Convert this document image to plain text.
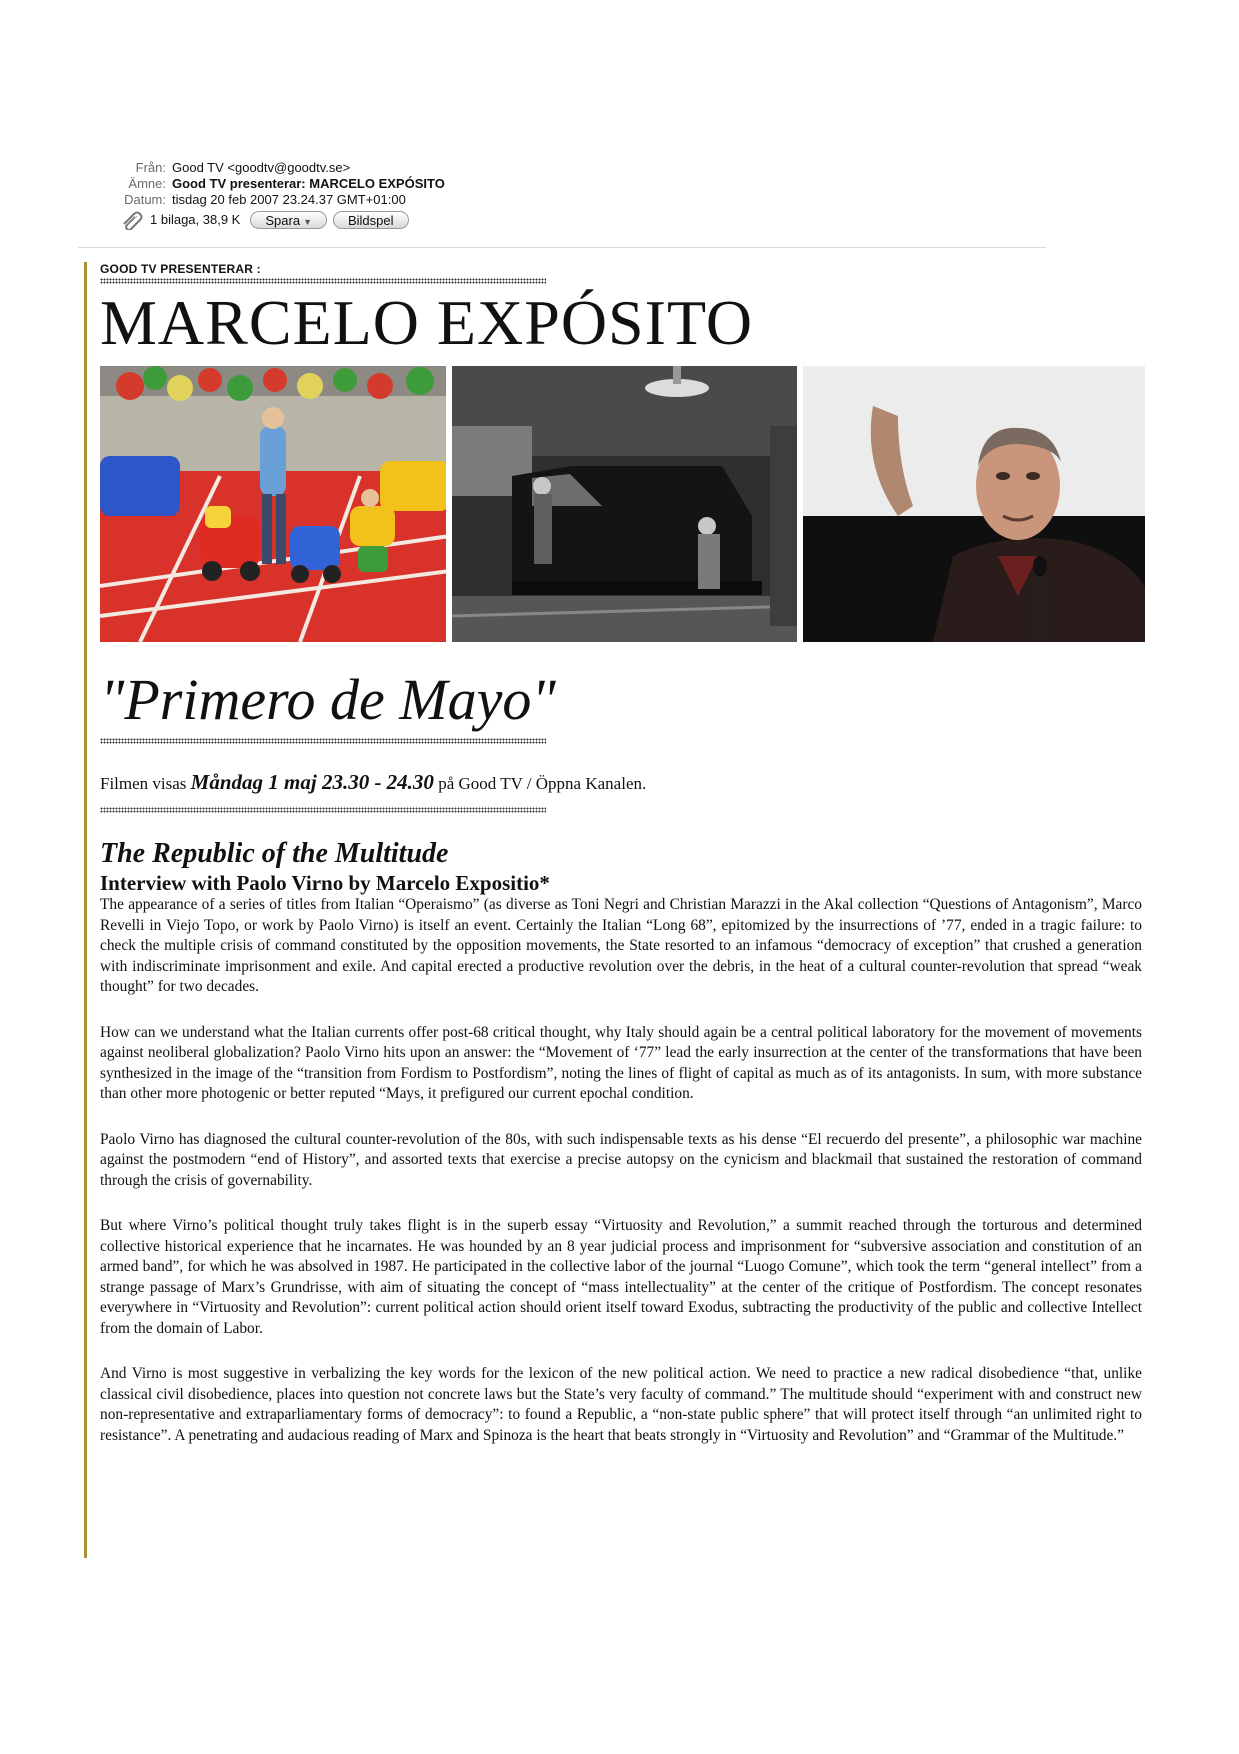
Från: Good TV <goodtv@goodtv.se>
Ämne: Good TV presenterar: MARCELO EXPÓSITO
Datum: tisdag 20 feb 2007 23.24.37 GMT+01:00
1 bilaga, 38,9 K	Spara ▼	Bildspel
GOOD TV PRESENTERAR :
MARCELO EXPÓSITO
"Primero de Mayo"
Filmen visas Måndag 1 maj 23.30 - 24.30 på Good TV / Öppna Kanalen.
The Republic of the Multitude
Interview with Paolo Virno by Marcelo Expositio*

The appearance of a series of titles from Italian “Operaismo” (as diverse as Toni Negri and Christian Marazzi in the Akal collection “Questions of Antagonism”, Marco Revelli in Viejo Topo, or work by Paolo Virno) is itself an event. Certainly the Italian “Long 68”, epitomized by the insurrections of ’77, ended in a tragic failure: to check the multiple crisis of command constituted by the opposition movements, the State resorted to an infamous “democracy of exception” that crushed a generation with indiscriminate imprisonment and exile. And capital erected a productive revolution over the debris, in the heat of a cultural counter-revolution that spread “weak thought” for two decades.

How can we understand what the Italian currents offer post-68 critical thought, why Italy should again be a central political laboratory for the movement of movements against neoliberal globalization? Paolo Virno hits upon an answer: the “Movement of ‘77” lead the early insurrection at the center of the transformations that have been synthesized in the image of the “transition from Fordism to Postfordism”, noting the lines of flight of capital as much as of its antagonists. In sum, with more substance than other more photogenic or better reputed “Mays, it prefigured our current epochal condition.

Paolo Virno has diagnosed the cultural counter-revolution of the 80s, with such indispensable texts as his dense “El recuerdo del presente”, a philosophic war machine against the postmodern “end of History”, and assorted texts that exercise a precise autopsy on the cynicism and blackmail that sustained the restoration of command through the crisis of governability.

But where Virno’s political thought truly takes flight is in the superb essay “Virtuosity and Revolution,” a summit reached through the torturous and determined collective historical experience that he incarnates. He was hounded by an 8 year judicial process and imprisonment for “subversive association and constitution of an armed band”, for which he was absolved in 1987. He participated in the collective labor of the journal “Luogo Comune”, which took the term “general intellect” from a strange passage of Marx’s Grundrisse, with aim of situating the concept of “mass intellectuality” at the center of the critique of Postfordism. The concept resonates everywhere in “Virtuosity and Revolution”: current political action should orient itself toward Exodus, subtracting the productivity of the public and collective Intellect from the domain of Labor.

And Virno is most suggestive in verbalizing the key words for the lexicon of the new political action. We need to practice a new radical disobedience “that, unlike classical civil disobedience, places into question not concrete laws but the State’s very faculty of command.” The multitude should “experiment with and construct new non-representative and extraparliamentary forms of democracy”: to found a Republic, a “non-state public sphere” that will protect itself through “an unlimited right to resistance”. A penetrating and audacious reading of Marx and Spinoza is the heart that beats strongly in “Virtuosity and Revolution” and “Grammar of the Multitude.”
